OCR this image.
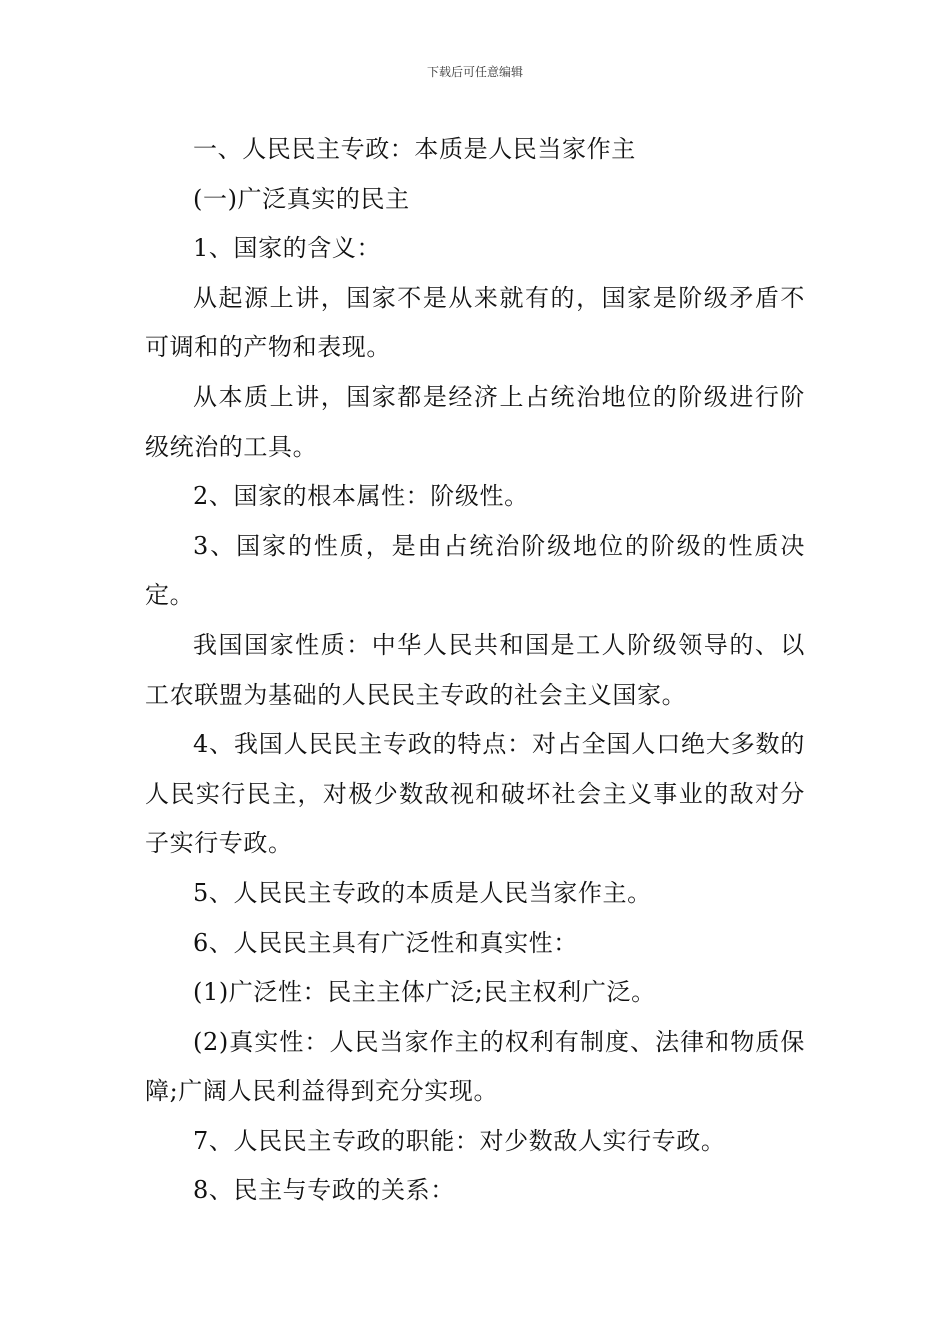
下载后可任意编辑

一、人民民主专政：本质是人民当家作主

(一)广泛真实的民主

1、国家的含义：

从起源上讲，国家不是从来就有的，国家是阶级矛盾不可调和的产物和表现。

从本质上讲，国家都是经济上占统治地位的阶级进行阶级统治的工具。

2、国家的根本属性：阶级性。

3、国家的性质，是由占统治阶级地位的阶级的性质决定。

我国国家性质：中华人民共和国是工人阶级领导的、以工农联盟为基础的人民民主专政的社会主义国家。

4、我国人民民主专政的特点：对占全国人口绝大多数的人民实行民主，对极少数敌视和破坏社会主义事业的敌对分子实行专政。

5、人民民主专政的本质是人民当家作主。

6、人民民主具有广泛性和真实性：

(1)广泛性：民主主体广泛;民主权利广泛。

(2)真实性：人民当家作主的权利有制度、法律和物质保障;广阔人民利益得到充分实现。

7、人民民主专政的职能：对少数敌人实行专政。

8、民主与专政的关系：
